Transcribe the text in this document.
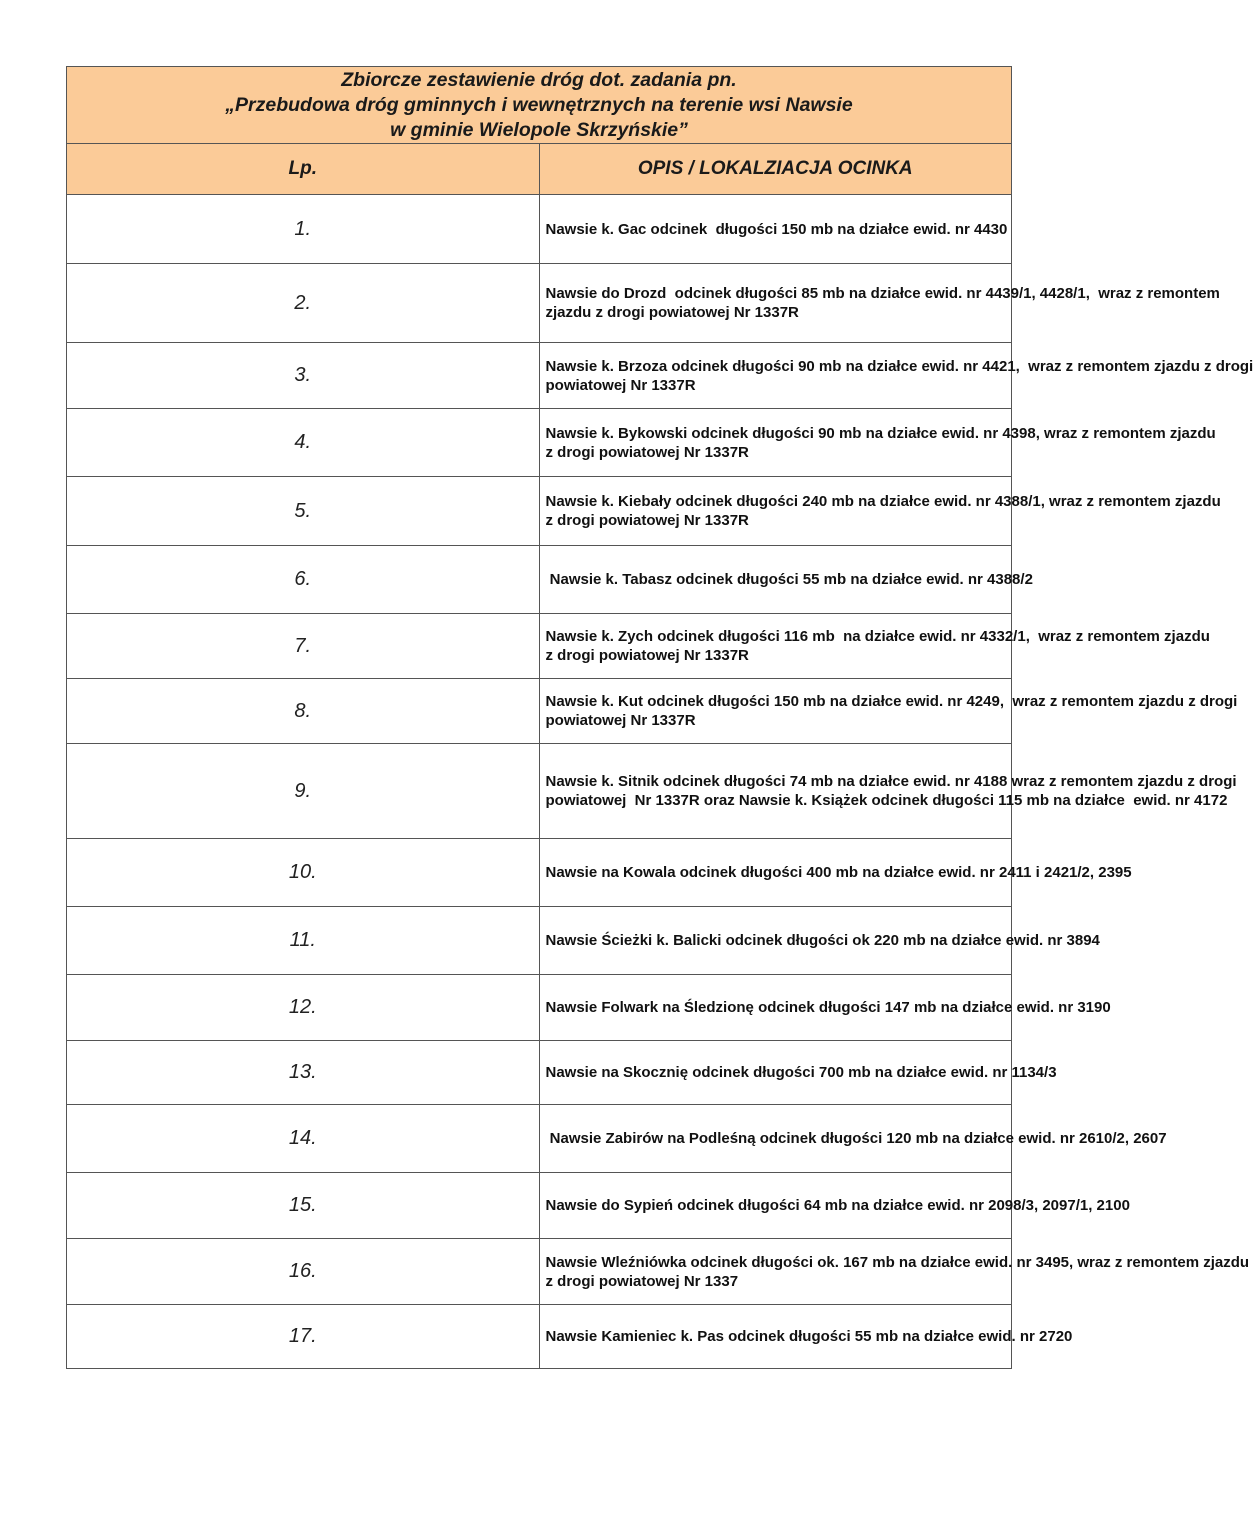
Zbiorcze zestawienie dróg dot. zadania pn.
„Przebudowa dróg gminnych i wewnętrznych na terenie wsi Nawsie
w gminie Wielopole Skrzyńskie”	

Lp.	OPIS / LOKALZIACJA OCINKA
1.	Nawsie k. Gac odcinek  długości 150 mb na działce ewid. nr 4430

2.	Nawsie do Drozd  odcinek długości 85 mb na działce ewid. nr 4439/1, 4428/1,  wraz z remontem
zjazdu z drogi powiatowej Nr 1337R

3.	Nawsie k. Brzoza odcinek długości 90 mb na działce ewid. nr 4421,  wraz z remontem zjazdu z drogi
powiatowej Nr 1337R

4.	Nawsie k. Bykowski odcinek długości 90 mb na działce ewid. nr 4398, wraz z remontem zjazdu
z drogi powiatowej Nr 1337R

5.	Nawsie k. Kiebały odcinek długości 240 mb na działce ewid. nr 4388/1, wraz z remontem zjazdu
z drogi powiatowej Nr 1337R

6.	Nawsie k. Tabasz odcinek długości 55 mb na działce ewid. nr 4388/2

7.	Nawsie k. Zych odcinek długości 116 mb  na działce ewid. nr 4332/1,  wraz z remontem zjazdu
z drogi powiatowej Nr 1337R

8.	Nawsie k. Kut odcinek długości 150 mb na działce ewid. nr 4249,  wraz z remontem zjazdu z drogi
powiatowej Nr 1337R

9.	Nawsie k. Sitnik odcinek długości 74 mb na działce ewid. nr 4188 wraz z remontem zjazdu z drogi
powiatowej  Nr 1337R oraz Nawsie k. Książek odcinek długości 115 mb na działce  ewid. nr 4172

10.	Nawsie na Kowala odcinek długości 400 mb na działce ewid. nr 2411 i 2421/2, 2395

11.	Nawsie Ścieżki k. Balicki odcinek długości ok 220 mb na działce ewid. nr 3894

12.	Nawsie Folwark na Śledzionę odcinek długości 147 mb na działce ewid. nr 3190

13.	Nawsie na Skocznię odcinek długości 700 mb na działce ewid. nr 1134/3

14.	Nawsie Zabirów na Podleśną odcinek długości 120 mb na działce ewid. nr 2610/2, 2607

15.	Nawsie do Sypień odcinek długości 64 mb na działce ewid. nr 2098/3, 2097/1, 2100

16.	Nawsie Wleźniówka odcinek długości ok. 167 mb na działce ewid. nr 3495, wraz z remontem zjazdu
z drogi powiatowej Nr 1337

17.	Nawsie Kamieniec k. Pas odcinek długości 55 mb na działce ewid. nr 2720
